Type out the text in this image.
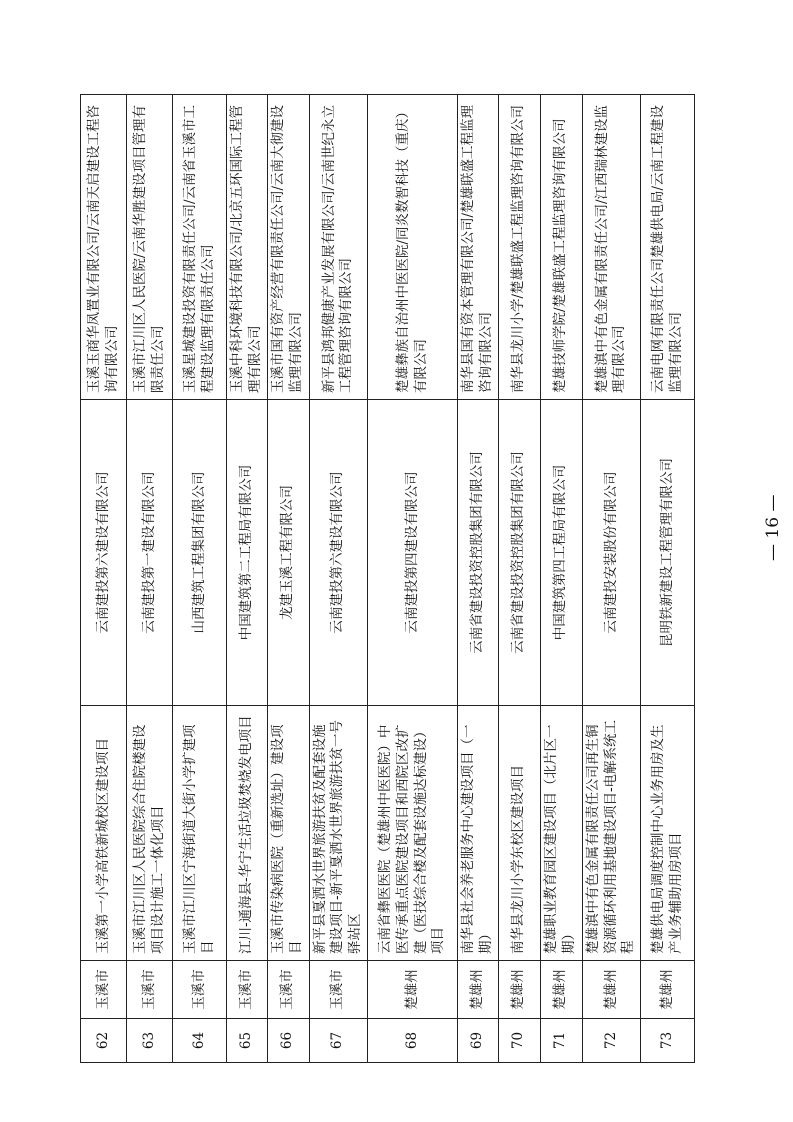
62	玉溪市	玉溪第一小学高铁新城校区建设项目	云南建投第六建设有限公司	玉溪玉商华凤置业有限公司/云南天启建设工程咨询有限公司
63	玉溪市	玉溪市江川区人民医院综合住院楼建设项目设计施工一体化项目	云南建投第一建设有限公司	玉溪市江川区人民医院/云南华胜建设项目管理有限责任公司
64	玉溪市	玉溪市江川区宁海街道大街小学扩建项目	山西建筑工程集团有限公司	玉溪星城建设投资有限责任公司/云南省玉溪市工程建设监理有限责任公司
65	玉溪市	江川-通海县-华宁生活垃圾焚烧发电项目	中国建筑第二工程局有限公司	玉溪中科环境科技有限公司/北京五环国际工程管理有限公司
66	玉溪市	玉溪市传染病医院（重新选址）建设项目	龙建玉溪工程有限公司	玉溪市国有资产经营有限责任公司/云南大彻建设监理有限公司
67	玉溪市	新平县戛洒水世界旅游扶贫及配套设施建设项目-新平戛洒水世界旅游扶贫一号驿站区	云南建投第六建设有限公司	新平县鸿邦健康产业发展有限公司/云南世纪永立工程管理咨询有限公司
68	楚雄州	云南省彝医医院（楚雄州中医医院）中医传承重点医院建设项目和西院区改扩建（医技综合楼及配套设施达标建设）项目	云南建投第四建设有限公司	楚雄彝族自治州中医医院/同炎数智科技（重庆）有限公司
69	楚雄州	南华县社会养老服务中心建设项目（一期）	云南省建设投资控股集团有限公司	南华县国有资本管理有限公司/楚雄联盛工程监理咨询有限公司
70	楚雄州	南华县龙川小学东校区建设项目	云南省建设投资控股集团有限公司	南华县龙川小学/楚雄联盛工程监理咨询有限公司
71	楚雄州	楚雄职业教育园区建设项目（北片区一期）	中国建筑第四工程局有限公司	楚雄技师学院/楚雄联盛工程监理咨询有限公司
72	楚雄州	楚雄滇中有色金属有限责任公司再生铜资源循环利用基地建设项目-电解系统工程	云南建投安装股份有限公司	楚雄滇中有色金属有限责任公司/江西瑞林建设监理有限公司
73	楚雄州	楚雄供电局调度控制中心业务用房及生产业务辅助用房项目	昆明铁新建设工程管理有限公司	云南电网有限责任公司楚雄供电局/云南工程建设监理有限公司
— 16 —
